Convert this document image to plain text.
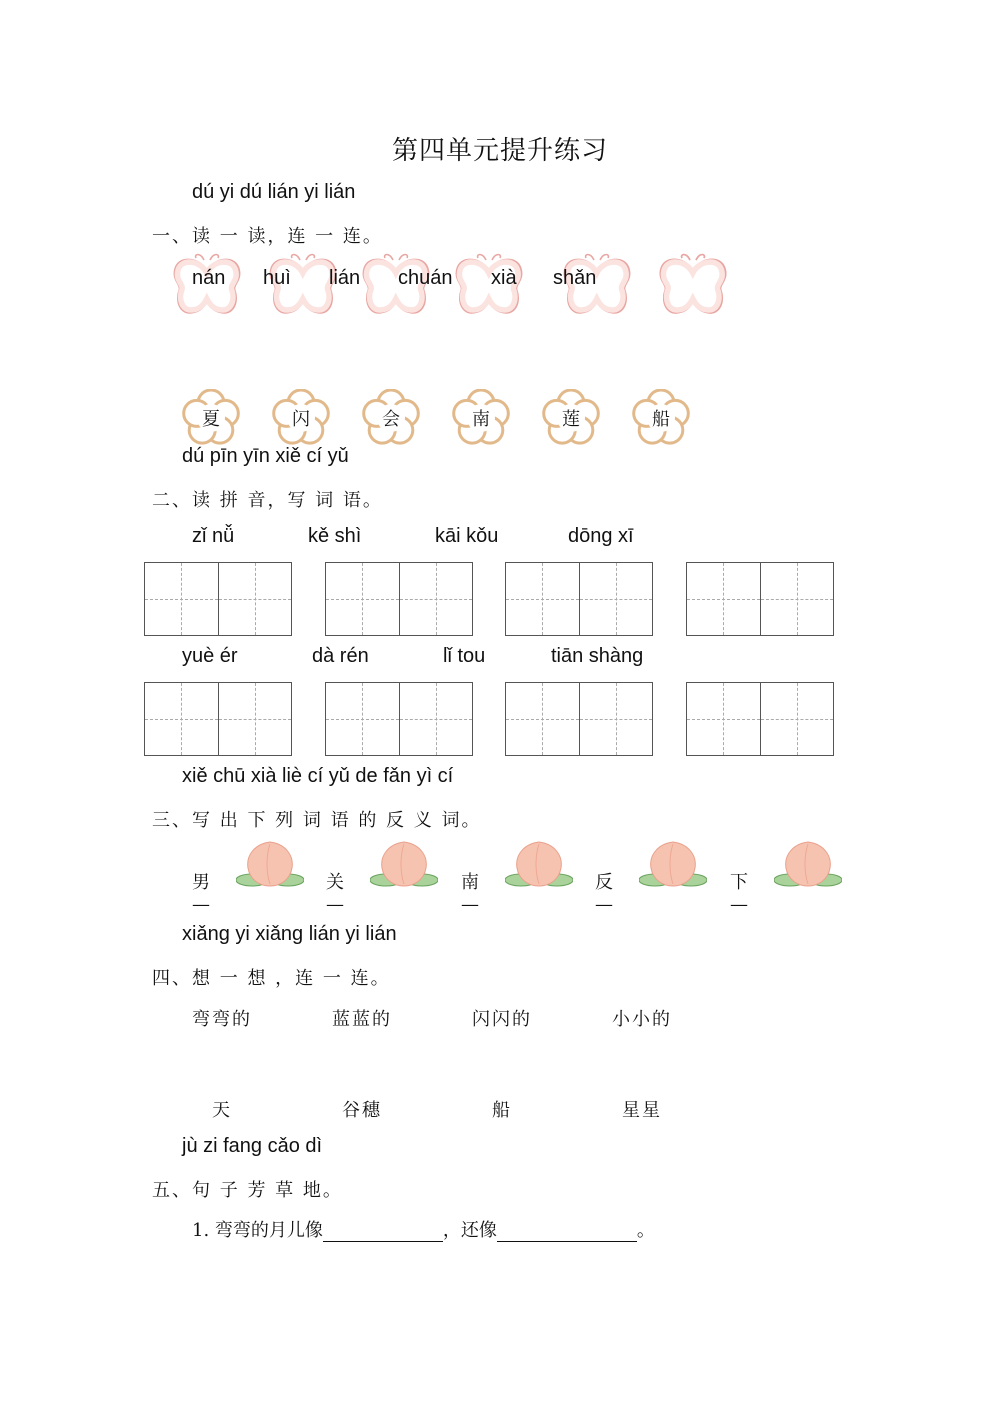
第四单元提升练习
dú yi dú lián yi lián
一、读 一 读，连 一 连。
nán huì lián chuán xià shǎn
夏	闪	会	南	莲	船
dú pīn yīn xiě cí yǔ
二、读 拼 音，写 词 语。
zǐ nǚ	kě shì	kāi kǒu	dōng xī
yuè ér	dà rén	lǐ tou	tiān shàng
xiě chū xià liè cí yǔ de fǎn yì cí
三、写 出 下 列 词 语 的 反 义 词。
男—
关—
南—
反—
下—
xiǎng yi xiǎng lián yi lián
四、想 一 想 ，连 一 连。
弯弯的	蓝蓝的	闪闪的	小小的
天	谷穗	船	星星
jù zi fang cǎo dì
五、句 子 芳 草 地。
1. 弯弯的月儿像	，还像	。
